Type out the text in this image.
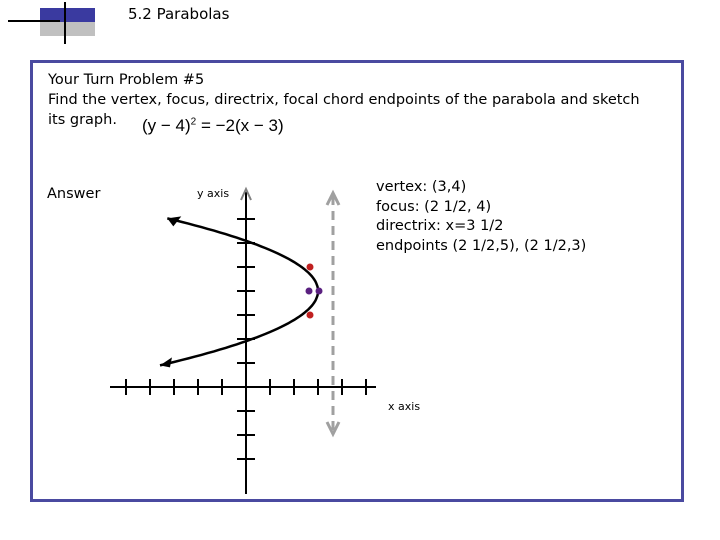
5.2 Parabolas
Your Turn Problem #5
Find the vertex, focus, directrix, focal chord endpoints of the parabola and sketch its graph.	$(y - 4)^2 = -2(x - 3)$
Answer	vertex: (3,4)
focus: (2 1/2, 4)
directrix: x=3 1/2
endpoints (2 1/2,5), (2 1/2,3)
y axis
x axis
